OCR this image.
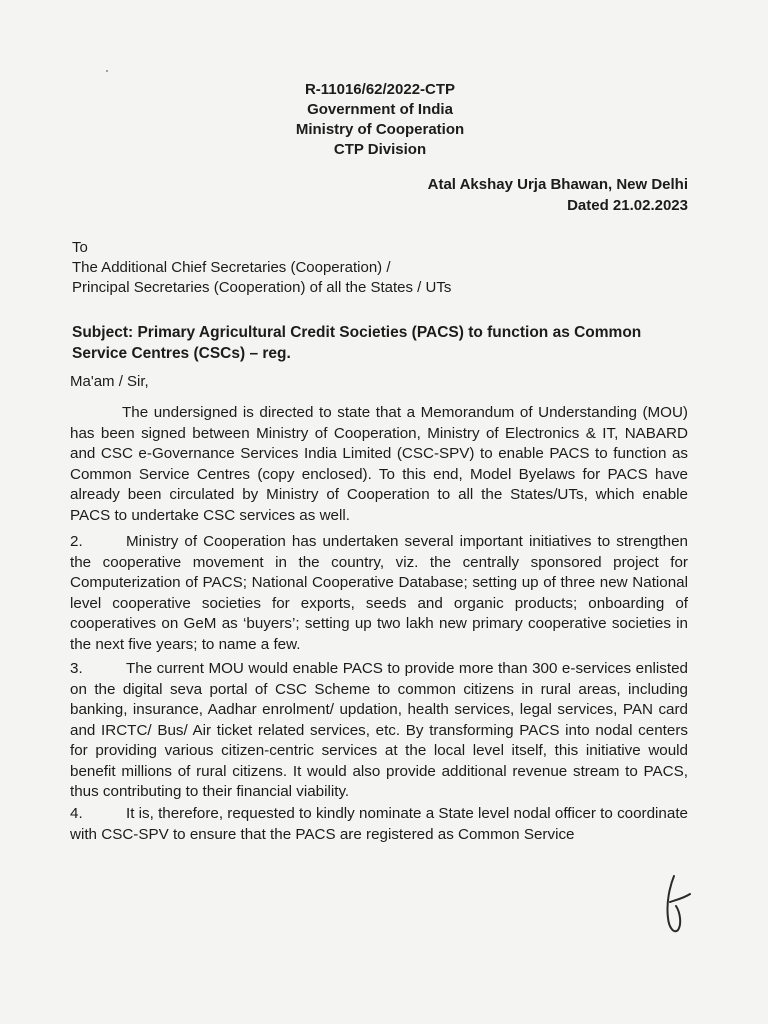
R-11016/62/2022-CTP
Government of India
Ministry of Cooperation
CTP Division
Atal Akshay Urja Bhawan, New Delhi
Dated 21.02.2023
To
The Additional Chief Secretaries (Cooperation) /
Principal Secretaries (Cooperation) of all the States / UTs
Subject: Primary Agricultural Credit Societies (PACS) to function as Common Service Centres (CSCs) – reg.
Ma'am / Sir,
The undersigned is directed to state that a Memorandum of Understanding (MOU) has been signed between Ministry of Cooperation, Ministry of Electronics & IT, NABARD and CSC e-Governance Services India Limited (CSC-SPV) to enable PACS to function as Common Service Centres (copy enclosed). To this end, Model Byelaws for PACS have already been circulated by Ministry of Cooperation to all the States/UTs, which enable PACS to undertake CSC services as well.
2.	Ministry of Cooperation has undertaken several important initiatives to strengthen the cooperative movement in the country, viz. the centrally sponsored project for Computerization of PACS; National Cooperative Database; setting up of three new National level cooperative societies for exports, seeds and organic products; onboarding of cooperatives on GeM as ‘buyers’; setting up two lakh new primary cooperative societies in the next five years; to name a few.
3.	The current MOU would enable PACS to provide more than 300 e-services enlisted on the digital seva portal of CSC Scheme to common citizens in rural areas, including banking, insurance, Aadhar enrolment/ updation, health services, legal services, PAN card and IRCTC/ Bus/ Air ticket related services, etc. By transforming PACS into nodal centers for providing various citizen-centric services at the local level itself, this initiative would benefit millions of rural citizens. It would also provide additional revenue stream to PACS, thus contributing to their financial viability.
4.	It is, therefore, requested to kindly nominate a State level nodal officer to coordinate with CSC-SPV to ensure that the PACS are registered as Common Service
